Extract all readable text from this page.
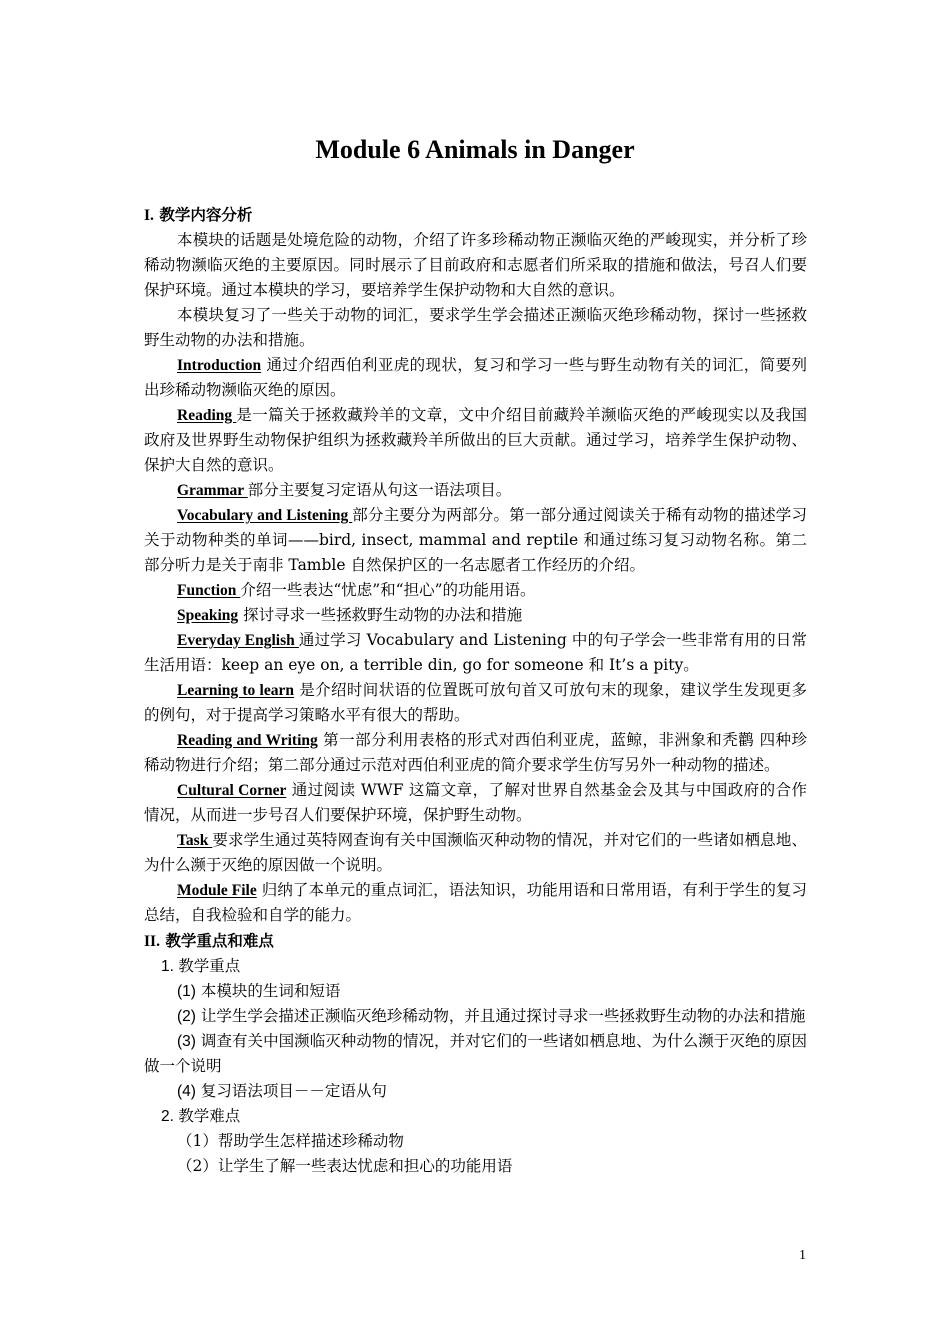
Module 6 Animals in Danger

I. 教学内容分析

本模块的话题是处境危险的动物，介绍了许多珍稀动物正濒临灭绝的严峻现实，并分析了珍稀动物濒临灭绝的主要原因。同时展示了目前政府和志愿者们所采取的措施和做法，号召人们要保护环境。通过本模块的学习，要培养学生保护动物和大自然的意识。

本模块复习了一些关于动物的词汇，要求学生学会描述正濒临灭绝珍稀动物，探讨一些拯救野生动物的办法和措施。

Introduction 通过介绍西伯利亚虎的现状，复习和学习一些与野生动物有关的词汇，简要列出珍稀动物濒临灭绝的原因。

Reading 是一篇关于拯救藏羚羊的文章，文中介绍目前藏羚羊濒临灭绝的严峻现实以及我国政府及世界野生动物保护组织为拯救藏羚羊所做出的巨大贡献。通过学习，培养学生保护动物、保护大自然的意识。

Grammar 部分主要复习定语从句这一语法项目。

Vocabulary and Listening 部分主要分为两部分。第一部分通过阅读关于稀有动物的描述学习关于动物种类的单词——bird, insect, mammal and reptile 和通过练习复习动物名称。第二部分听力是关于南非 Tamble 自然保护区的一名志愿者工作经历的介绍。

Function 介绍一些表达“忧虑”和“担心”的功能用语。

Speaking 探讨寻求一些拯救野生动物的办法和措施

Everyday English 通过学习 Vocabulary and Listening 中的句子学会一些非常有用的日常生活用语：keep an eye on, a terrible din, go for someone 和 It’s a pity。

Learning to learn 是介绍时间状语的位置既可放句首又可放句末的现象，建议学生发现更多的例句，对于提高学习策略水平有很大的帮助。

Reading and Writing 第一部分利用表格的形式对西伯利亚虎，蓝鲸，非洲象和秃鹳 四种珍稀动物进行介绍；第二部分通过示范对西伯利亚虎的简介要求学生仿写另外一种动物的描述。

Cultural Corner 通过阅读 WWF 这篇文章，了解对世界自然基金会及其与中国政府的合作情况，从而进一步号召人们要保护环境，保护野生动物。

Task 要求学生通过英特网查询有关中国濒临灭种动物的情况，并对它们的一些诸如栖息地、为什么濒于灭绝的原因做一个说明。

Module File 归纳了本单元的重点词汇，语法知识，功能用语和日常用语，有利于学生的复习总结，自我检验和自学的能力。

II. 教学重点和难点

1. 教学重点

(1) 本模块的生词和短语

(2) 让学生学会描述正濒临灭绝珍稀动物，并且通过探讨寻求一些拯救野生动物的办法和措施

(3) 调查有关中国濒临灭种动物的情况，并对它们的一些诸如栖息地、为什么濒于灭绝的原因做一个说明

(4) 复习语法项目－－定语从句

2. 教学难点

（1）帮助学生怎样描述珍稀动物

（2）让学生了解一些表达忧虑和担心的功能用语

1
